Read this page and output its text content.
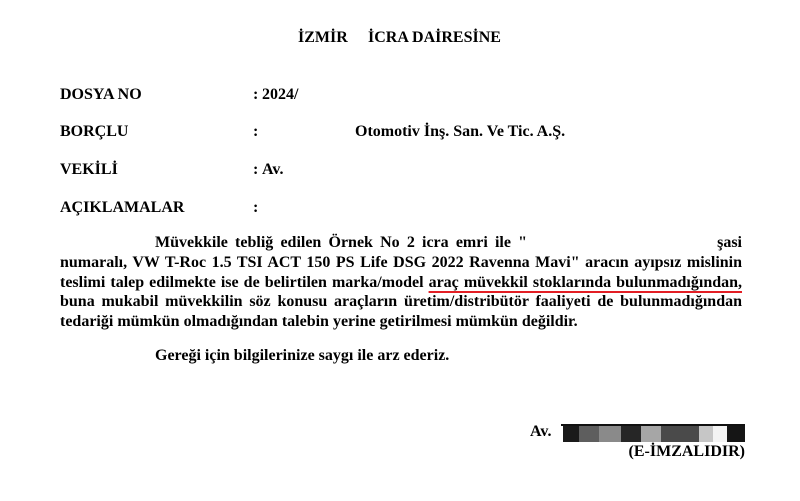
İZMİR İCRA DAİRESİNE
DOSYA NO	: 2024/
BORÇLU	:	Otomotiv İnş. San. Ve Tic. A.Ş.
VEKİLİ	: Av.
AÇIKLAMALAR	:
Müvekkile tebliğ edilen Örnek No 2 icra emri ile "	şasi
numaralı, VW T-Roc 1.5 TSI ACT 150 PS Life DSG 2022 Ravenna Mavi" aracın ayıpsız mislinin
teslimi talep edilmekte ise de belirtilen marka/model araç müvekkil stoklarında bulunmadığından,
buna mukabil müvekkilin söz konusu araçların üretim/distribütör faaliyeti de bulunmadığından
tedariği mümkün olmadığından talebin yerine getirilmesi mümkün değildir.
Gereği için bilgilerinize saygı ile arz ederiz.
Av.
(E-İMZALIDIR)
